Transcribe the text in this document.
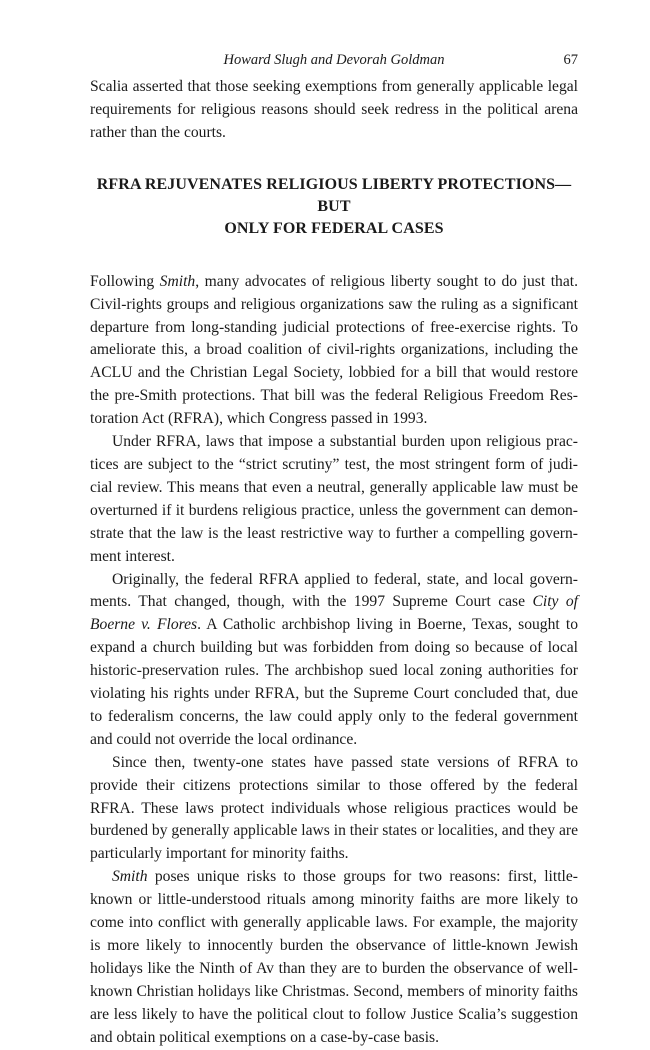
Howard Slugh and Devorah Goldman	67

Scalia asserted that those seeking exemptions from generally applicable legal requirements for religious reasons should seek redress in the political arena rather than the courts.

RFRA REJUVENATES RELIGIOUS LIBERTY PROTECTIONS—BUT
ONLY FOR FEDERAL CASES

Following Smith, many advocates of religious liberty sought to do just that. Civil-rights groups and religious organizations saw the ruling as a significant departure from long-standing judicial protections of free-exercise rights. To ameliorate this, a broad coalition of civil-rights organizations, including the ACLU and the Christian Legal Society, lobbied for a bill that would restore the pre-Smith protections. That bill was the federal Religious Freedom Restoration Act (RFRA), which Congress passed in 1993.

Under RFRA, laws that impose a substantial burden upon religious practices are subject to the “strict scrutiny” test, the most stringent form of judicial review. This means that even a neutral, generally applicable law must be overturned if it burdens religious practice, unless the government can demonstrate that the law is the least restrictive way to further a compelling government interest.

Originally, the federal RFRA applied to federal, state, and local governments. That changed, though, with the 1997 Supreme Court case City of Boerne v. Flores. A Catholic archbishop living in Boerne, Texas, sought to expand a church building but was forbidden from doing so because of local historic-preservation rules. The archbishop sued local zoning authorities for violating his rights under RFRA, but the Supreme Court concluded that, due to federalism concerns, the law could apply only to the federal government and could not override the local ordinance.

Since then, twenty-one states have passed state versions of RFRA to provide their citizens protections similar to those offered by the federal RFRA. These laws protect individuals whose religious practices would be burdened by generally applicable laws in their states or localities, and they are particularly important for minority faiths.

Smith poses unique risks to those groups for two reasons: first, little-known or little-understood rituals among minority faiths are more likely to come into conflict with generally applicable laws. For example, the majority is more likely to innocently burden the observance of little-known Jewish holidays like the Ninth of Av than they are to burden the observance of well-known Christian holidays like Christmas. Second, members of minority faiths are less likely to have the political clout to follow Justice Scalia’s suggestion and obtain political exemptions on a case-by-case basis.
